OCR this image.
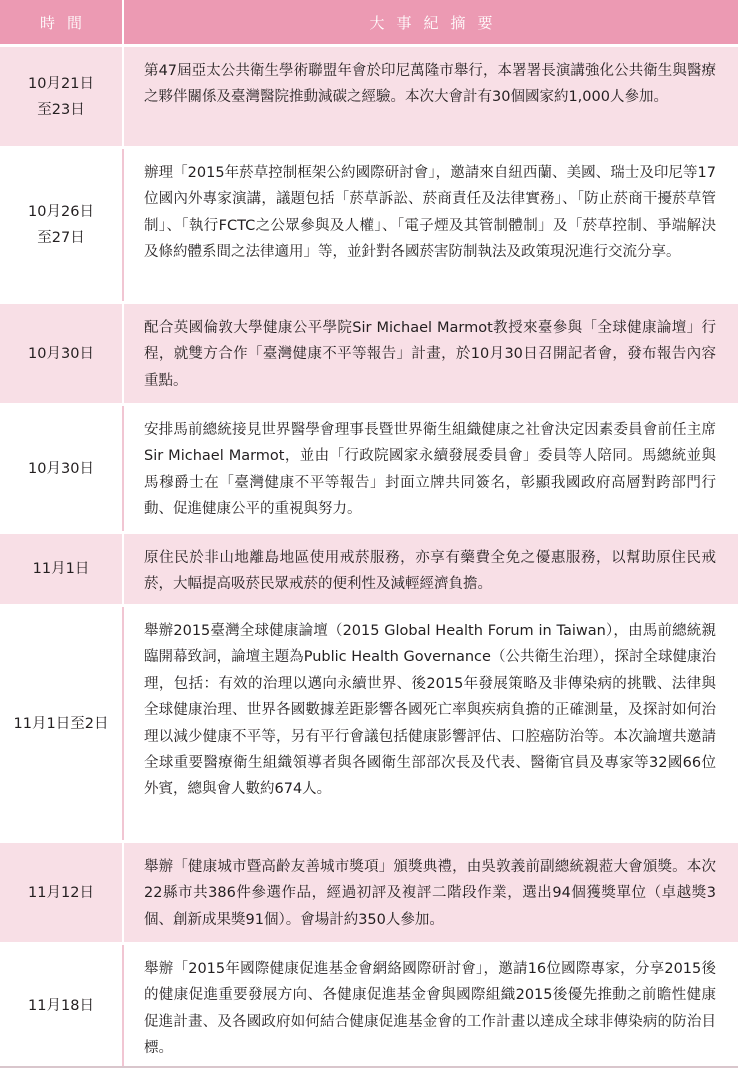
時間	大事紀摘要
10月21日
至23日
第47屆亞太公共衛生學術聯盟年會於印尼萬隆市舉行，本署署長演講強化公共衛生與醫療之夥伴關係及臺灣醫院推動減碳之經驗。本次大會計有30個國家約1,000人參加。
10月26日
至27日
辦理「2015年菸草控制框架公約國際研討會」，邀請來自紐西蘭、美國、瑞士及印尼等17位國內外專家演講，議題包括「菸草訴訟、菸商責任及法律實務」、「防止菸商干擾菸草管制」、「執行FCTC之公眾參與及人權」、「電子煙及其管制體制」及「菸草控制、爭端解決及條約體系間之法律適用」等，並針對各國菸害防制執法及政策現況進行交流分享。
10月30日
配合英國倫敦大學健康公平學院Sir Michael Marmot教授來臺參與「全球健康論壇」行程，就雙方合作「臺灣健康不平等報告」計畫，於10月30日召開記者會，發布報告內容重點。
10月30日
安排馬前總統接見世界醫學會理事長暨世界衛生組織健康之社會決定因素委員會前任主席Sir Michael Marmot，並由「行政院國家永續發展委員會」委員等人陪同。馬總統並與馬穆爵士在「臺灣健康不平等報告」封面立牌共同簽名，彰顯我國政府高層對跨部門行動、促進健康公平的重視與努力。
11月1日
原住民於非山地離島地區使用戒菸服務，亦享有藥費全免之優惠服務，以幫助原住民戒菸，大幅提高吸菸民眾戒菸的便利性及減輕經濟負擔。
11月1日至2日
舉辦2015臺灣全球健康論壇（2015 Global Health Forum in Taiwan），由馬前總統親臨開幕致詞，論壇主題為Public Health Governance（公共衛生治理），探討全球健康治理，包括：有效的治理以邁向永續世界、後2015年發展策略及非傳染病的挑戰、法律與全球健康治理、世界各國數據差距影響各國死亡率與疾病負擔的正確測量，及探討如何治理以減少健康不平等，另有平行會議包括健康影響評估、口腔癌防治等。本次論壇共邀請全球重要醫療衛生組織領導者與各國衛生部部次長及代表、醫衛官員及專家等32國66位外賓，總與會人數約674人。
11月12日
舉辦「健康城市暨高齡友善城市獎項」頒獎典禮，由吳敦義前副總統親蒞大會頒獎。本次22縣市共386件參選作品，經過初評及複評二階段作業，選出94個獲獎單位（卓越獎3個、創新成果獎91個）。會場計約350人參加。
11月18日
舉辦「2015年國際健康促進基金會網絡國際研討會」，邀請16位國際專家，分享2015後的健康促進重要發展方向、各健康促進基金會與國際組織2015後優先推動之前瞻性健康促進計畫、及各國政府如何結合健康促進基金會的工作計畫以達成全球非傳染病的防治目標。
